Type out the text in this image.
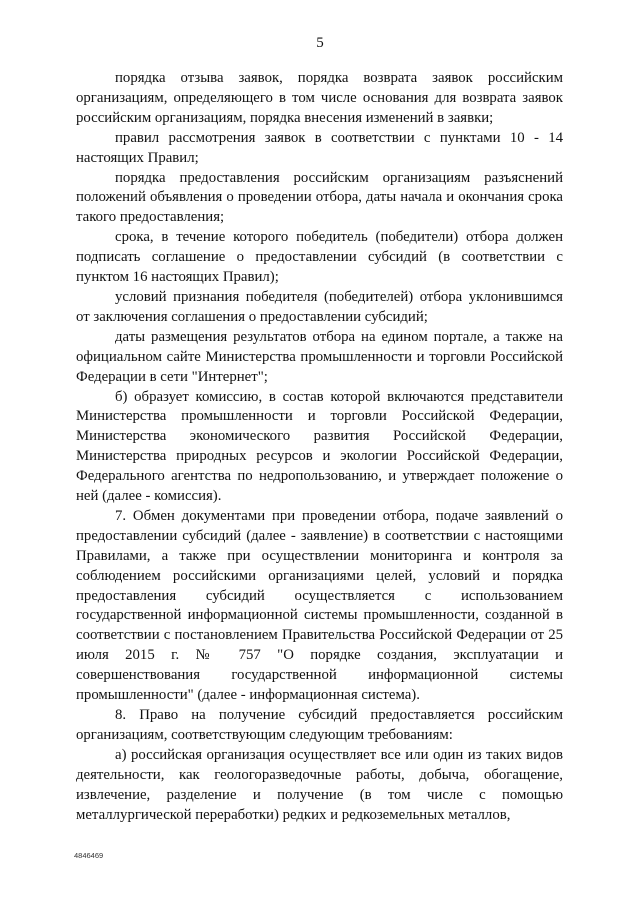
5

порядка отзыва заявок, порядка возврата заявок российским организациям, определяющего в том числе основания для возврата заявок российским организациям, порядка внесения изменений в заявки;

правил рассмотрения заявок в соответствии с пунктами 10 - 14 настоящих Правил;

порядка предоставления российским организациям разъяснений положений объявления о проведении отбора, даты начала и окончания срока такого предоставления;

срока, в течение которого победитель (победители) отбора должен подписать соглашение о предоставлении субсидий (в соответствии с пунктом 16 настоящих Правил);

условий признания победителя (победителей) отбора уклонившимся от заключения соглашения о предоставлении субсидий;

даты размещения результатов отбора на едином портале, а также на официальном сайте Министерства промышленности и торговли Российской Федерации в сети "Интернет";

б) образует комиссию, в состав которой включаются представители Министерства промышленности и торговли Российской Федерации, Министерства экономического развития Российской Федерации, Министерства природных ресурсов и экологии Российской Федерации, Федерального агентства по недропользованию, и утверждает положение о ней (далее - комиссия).

7. Обмен документами при проведении отбора, подаче заявлений о предоставлении субсидий (далее - заявление) в соответствии с настоящими Правилами, а также при осуществлении мониторинга и контроля за соблюдением российскими организациями целей, условий и порядка предоставления субсидий осуществляется с использованием государственной информационной системы промышленности, созданной в соответствии с постановлением Правительства Российской Федерации от 25 июля 2015 г. № 757 "О порядке создания, эксплуатации и совершенствования государственной информационной системы промышленности" (далее - информационная система).

8. Право на получение субсидий предоставляется российским организациям, соответствующим следующим требованиям:

а) российская организация осуществляет все или один из таких видов деятельности, как геологоразведочные работы, добыча, обогащение, извлечение, разделение и получение (в том числе с помощью металлургической переработки) редких и редкоземельных металлов,

4846469
